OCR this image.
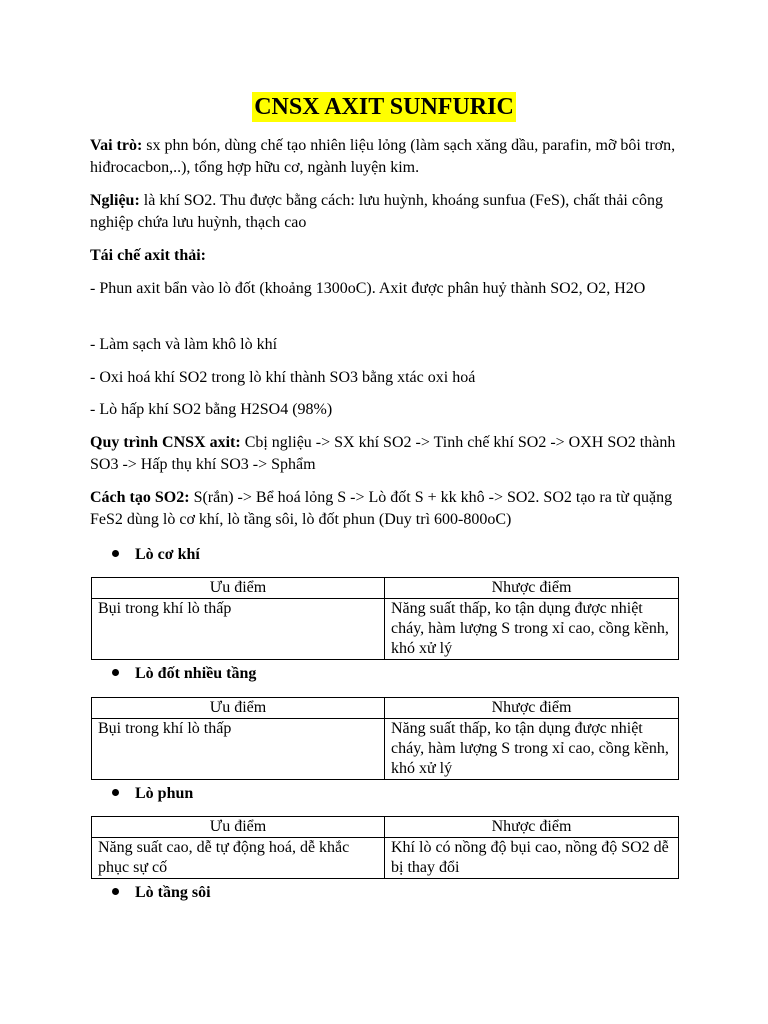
CNSX AXIT SUNFURIC

Vai trò: sx phn bón, dùng chế tạo nhiên liệu lỏng (làm sạch xăng dầu, parafin, mỡ bôi trơn, hiđrocacbon,..), tổng hợp hữu cơ, ngành luyện kim.

Ngliệu: là khí SO2. Thu được bằng cách: lưu huỳnh, khoáng sunfua (FeS), chất thải công nghiệp chứa lưu huỳnh, thạch cao

Tái chế axit thải:

- Phun axit bẩn vào lò đốt (khoảng 1300oC). Axit được phân huỷ thành SO2, O2, H2O

- Làm sạch và làm khô lò khí

- Oxi hoá khí SO2 trong lò khí thành SO3 bằng xtác oxi hoá

- Lò hấp khí SO2 bằng H2SO4 (98%)

Quy trình CNSX axit: Cbị ngliệu -> SX khí SO2 -> Tinh chế khí SO2 -> OXH SO2 thành SO3 -> Hấp thụ khí SO3 -> Sphẩm

Cách tạo SO2: S(rắn) -> Bể hoá lỏng S -> Lò đốt S + kk khô -> SO2. SO2 tạo ra từ quặng FeS2 dùng lò cơ khí, lò tầng sôi, lò đốt phun (Duy trì 600-800oC)

Lò cơ khí

Ưu điểm	Nhược điểm
Bụi trong khí lò thấp	Năng suất thấp, ko tận dụng được nhiệt cháy, hàm lượng S trong xỉ cao, cồng kềnh, khó xử lý

Lò đốt nhiều tầng

Ưu điểm	Nhược điểm
Bụi trong khí lò thấp	Năng suất thấp, ko tận dụng được nhiệt cháy, hàm lượng S trong xỉ cao, cồng kềnh, khó xử lý

Lò phun

Ưu điểm	Nhược điểm
Năng suất cao, dễ tự động hoá, dễ khắc phục sự cố	Khí lò có nồng độ bụi cao, nồng độ SO2 dễ bị thay đổi

Lò tầng sôi
